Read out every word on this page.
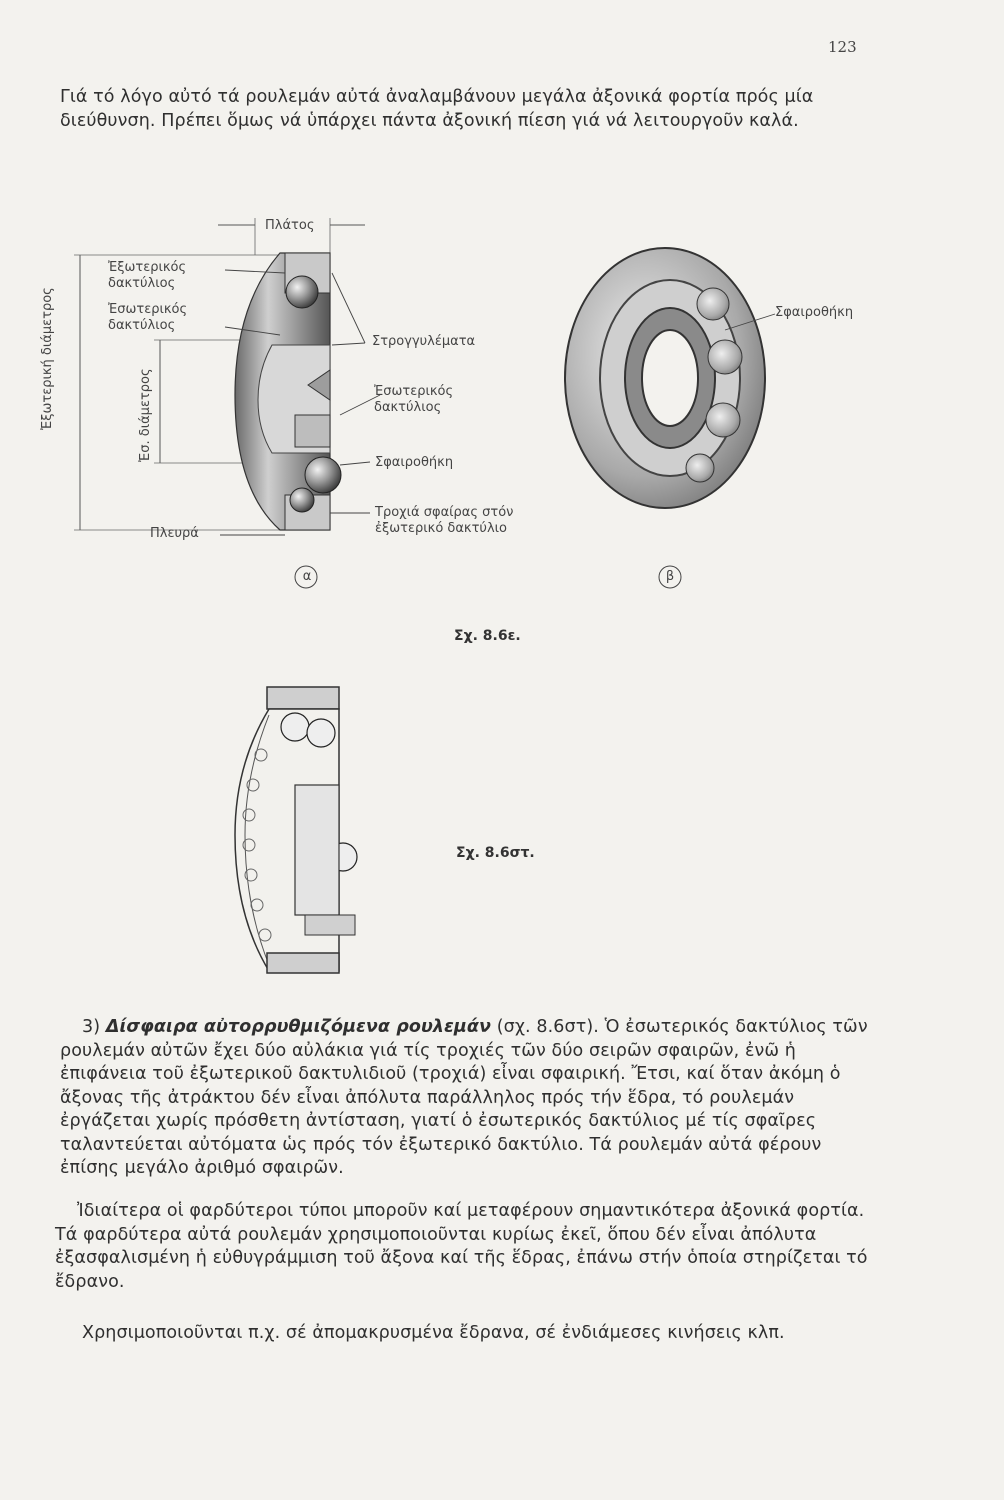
123
Γιά τό λόγο αὐτό τά ρουλεμάν αὐτά ἀναλαμβάνουν μεγάλα ἀξονικά φορτία πρός μία διεύθυνση. Πρέπει ὅμως νά ὑπάρχει πάντα ἀξονική πίεση γιά νά λειτουργοῦν καλά.
Πλάτος
Ἐξωτερικός δακτύλιος
Ἐσωτερικός δακτύλιος
Ἐξωτερική διάμετρος	Ἐσ. διάμετρος
Στρογγυλέματα
Ἐσωτερικός δακτύλιος
Σφαιροθήκη
Τροχιά σφαίρας στόν ἐξωτερικό δακτύλιο
Πλευρά
α
Σφαιροθήκη
β
Σχ. 8.6ε.
Σχ. 8.6στ.
3) Δίσφαιρα αὐτορρυθμιζόμενα ρουλεμάν (σχ. 8.6στ). Ὁ ἐσωτερικός δακτύλιος τῶν ρουλεμάν αὐτῶν ἔχει δύο αὐλάκια γιά τίς τροχιές τῶν δύο σειρῶν σφαιρῶν, ἐνῶ ἡ ἐπιφάνεια τοῦ ἐξωτερικοῦ δακτυλιδιοῦ (τροχιά) εἶναι σφαιρική. Ἔτσι, καί ὅταν ἀκόμη ὁ ἄξονας τῆς ἀτράκτου δέν εἶναι ἀπόλυτα παράλληλος πρός τήν ἕδρα, τό ρουλεμάν ἐργάζεται χωρίς πρόσθετη ἀντίσταση, γιατί ὁ ἐσωτερικός δακτύλιος μέ τίς σφαῖρες ταλαντεύεται αὐτόματα ὡς πρός τόν ἐξωτερικό δακτύλιο. Τά ρουλεμάν αὐτά φέρουν ἐπίσης μεγάλο ἀριθμό σφαιρῶν.
Ἰδιαίτερα οἱ φαρδύτεροι τύποι μποροῦν καί μεταφέρουν σημαντικότερα ἀξονικά φορτία. Τά φαρδύτερα αὐτά ρουλεμάν χρησιμοποιοῦνται κυρίως ἐκεῖ, ὅπου δέν εἶναι ἀπόλυτα ἐξασφαλισμένη ἡ εὐθυγράμμιση τοῦ ἄξονα καί τῆς ἕδρας, ἐπάνω στήν ὁποία στηρίζεται τό ἔδρανο.
Χρησιμοποιοῦνται π.χ. σέ ἀπομακρυσμένα ἔδρανα, σέ ἐνδιάμεσες κινήσεις κλπ.
